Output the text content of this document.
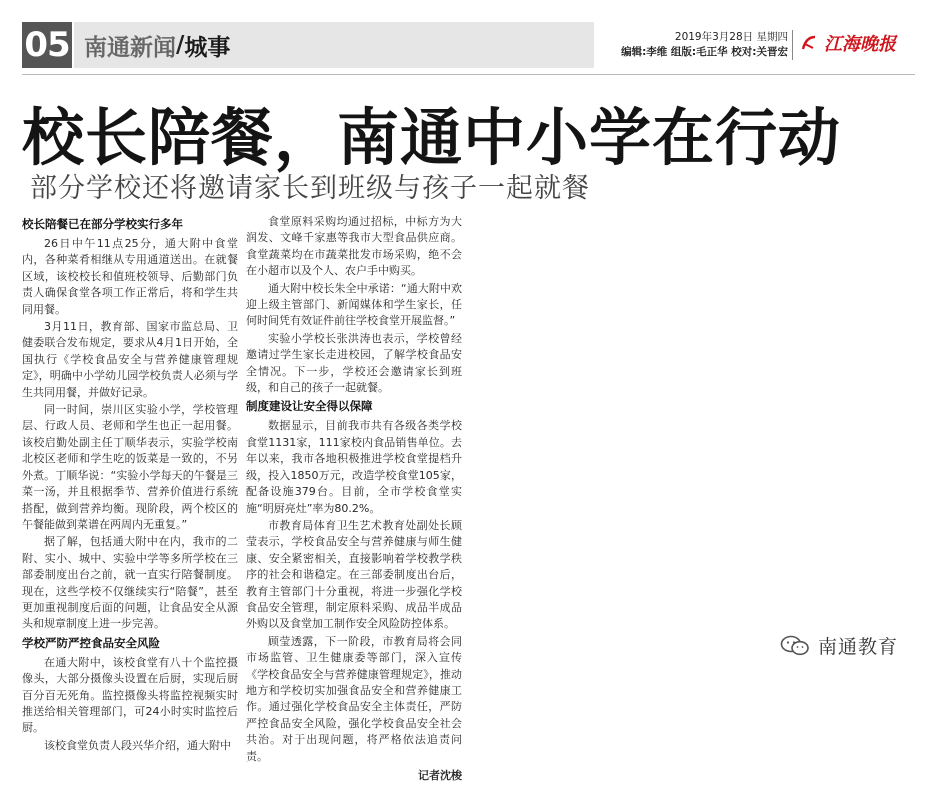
05 南通新闻 / 城事	2019年3月28日 星期四
编辑:李维 组版:毛正华 校对:关晋宏 江海晚报
校长陪餐，南通中小学在行动
部分学校还将邀请家长到班级与孩子一起就餐
校长陪餐已在部分学校实行多年

26日中午11点25分，通大附中食堂内，各种菜肴相继从专用通道送出。在就餐区域，该校校长和值班校领导、后勤部门负责人确保食堂各项工作正常后，将和学生共同用餐。

3月11日，教育部、国家市监总局、卫健委联合发布规定，要求从4月1日开始，全国执行《学校食品安全与营养健康管理规定》，明确中小学幼儿园学校负责人必须与学生共同用餐，并做好记录。

同一时间，崇川区实验小学，学校管理层、行政人员、老师和学生也正一起用餐。该校启勤处副主任丁顺华表示，实验学校南北校区老师和学生吃的饭菜是一致的，不另外煮。丁顺华说：“实验小学每天的午餐是三菜一汤，并且根据季节、营养价值进行系统搭配，做到营养均衡。现阶段，两个校区的午餐能做到菜谱在两周内无重复。”

据了解，包括通大附中在内，我市的二附、实小、城中、实验中学等多所学校在三部委制度出台之前，就一直实行陪餐制度。现在，这些学校不仅继续实行“陪餐”，甚至更加重视制度后面的问题，让食品安全从源头和规章制度上进一步完善。

学校严防严控食品安全风险

在通大附中，该校食堂有八十个监控摄像头，大部分摄像头设置在后厨，实现后厨百分百无死角。监控摄像头将监控视频实时推送给相关管理部门，可24小时实时监控后厨。

该校食堂负责人段兴华介绍，通大附中

食堂原料采购均通过招标，中标方为大润发、文峰千家惠等我市大型食品供应商。食堂蔬菜均在市蔬菜批发市场采购，绝不会在小超市以及个人、农户手中购买。

通大附中校长朱全中承诺：“通大附中欢迎上级主管部门、新闻媒体和学生家长，任何时间凭有效证件前往学校食堂开展监督。”

实验小学校长张洪涛也表示，学校曾经邀请过学生家长走进校园，了解学校食品安全情况。下一步，学校还会邀请家长到班级，和自己的孩子一起就餐。

制度建设让安全得以保障

数据显示，目前我市共有各级各类学校食堂1131家，111家校内食品销售单位。去年以来，我市各地积极推进学校食堂提档升级，投入1850万元，改造学校食堂105家，配备设施379台。目前，全市学校食堂实施“明厨亮灶”率为80.2%。

市教育局体育卫生艺术教育处副处长顾莹表示，学校食品安全与营养健康与师生健康、安全紧密相关，直接影响着学校教学秩序的社会和谐稳定。在三部委制度出台后，教育主管部门十分重视，将进一步强化学校食品安全管理，制定原料采购、成品半成品外购以及食堂加工制作安全风险防控体系。

顾莹透露，下一阶段，市教育局将会同市场监管、卫生健康委等部门，深入宣传《学校食品安全与营养健康管理规定》，推动地方和学校切实加强食品安全和营养健康工作。通过强化学校食品安全主体责任，严防严控食品安全风险，强化学校食品安全社会共治。对于出现问题，将严格依法追责问责。

记者沈梭

南通教育
